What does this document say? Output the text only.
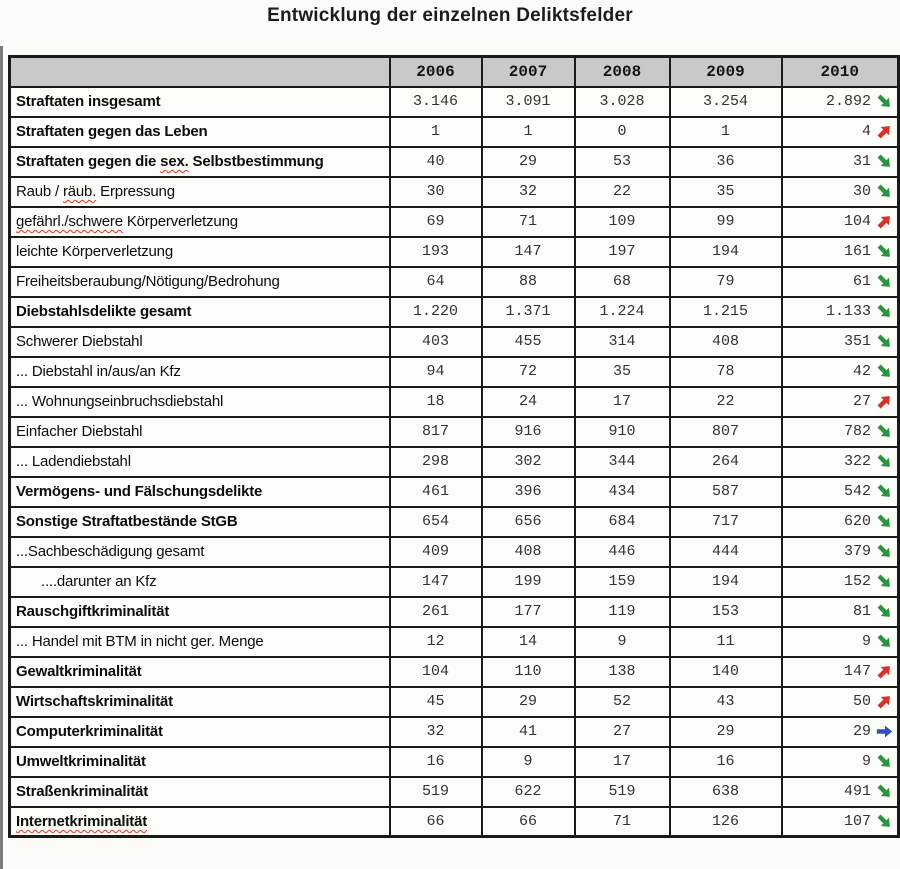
Entwicklung der einzelnen Deliktsfelder
	2006	2007	2008	2009	2010
Straftaten insgesamt	3.146	3.091	3.028	3.254	2.892

Straftaten gegen das Leben	1	1	0	1	4

Straftaten gegen die sex. Selbstbestimmung	40	29	53	36	31

Raub / räub. Erpressung	30	32	22	35	30

gefährl./schwere Körperverletzung	69	71	109	99	104

leichte Körperverletzung	193	147	197	194	161

Freiheitsberaubung/Nötigung/Bedrohung	64	88	68	79	61

Diebstahlsdelikte gesamt	1.220	1.371	1.224	1.215	1.133

Schwerer Diebstahl	403	455	314	408	351

... Diebstahl in/aus/an Kfz	94	72	35	78	42

... Wohnungseinbruchsdiebstahl	18	24	17	22	27

Einfacher Diebstahl	817	916	910	807	782

... Ladendiebstahl	298	302	344	264	322

Vermögens- und Fälschungsdelikte	461	396	434	587	542

Sonstige Straftatbestände StGB	654	656	684	717	620

...Sachbeschädigung gesamt	409	408	446	444	379

....darunter an Kfz	147	199	159	194	152

Rauschgiftkriminalität	261	177	119	153	81

... Handel mit BTM in nicht ger. Menge	12	14	9	11	9

Gewaltkriminalität	104	110	138	140	147

Wirtschaftskriminalität	45	29	52	43	50

Computerkriminalität	32	41	27	29	29

Umweltkriminalität	16	9	17	16	9

Straßenkriminalität	519	622	519	638	491

Internetkriminalität	66	66	71	126	107
